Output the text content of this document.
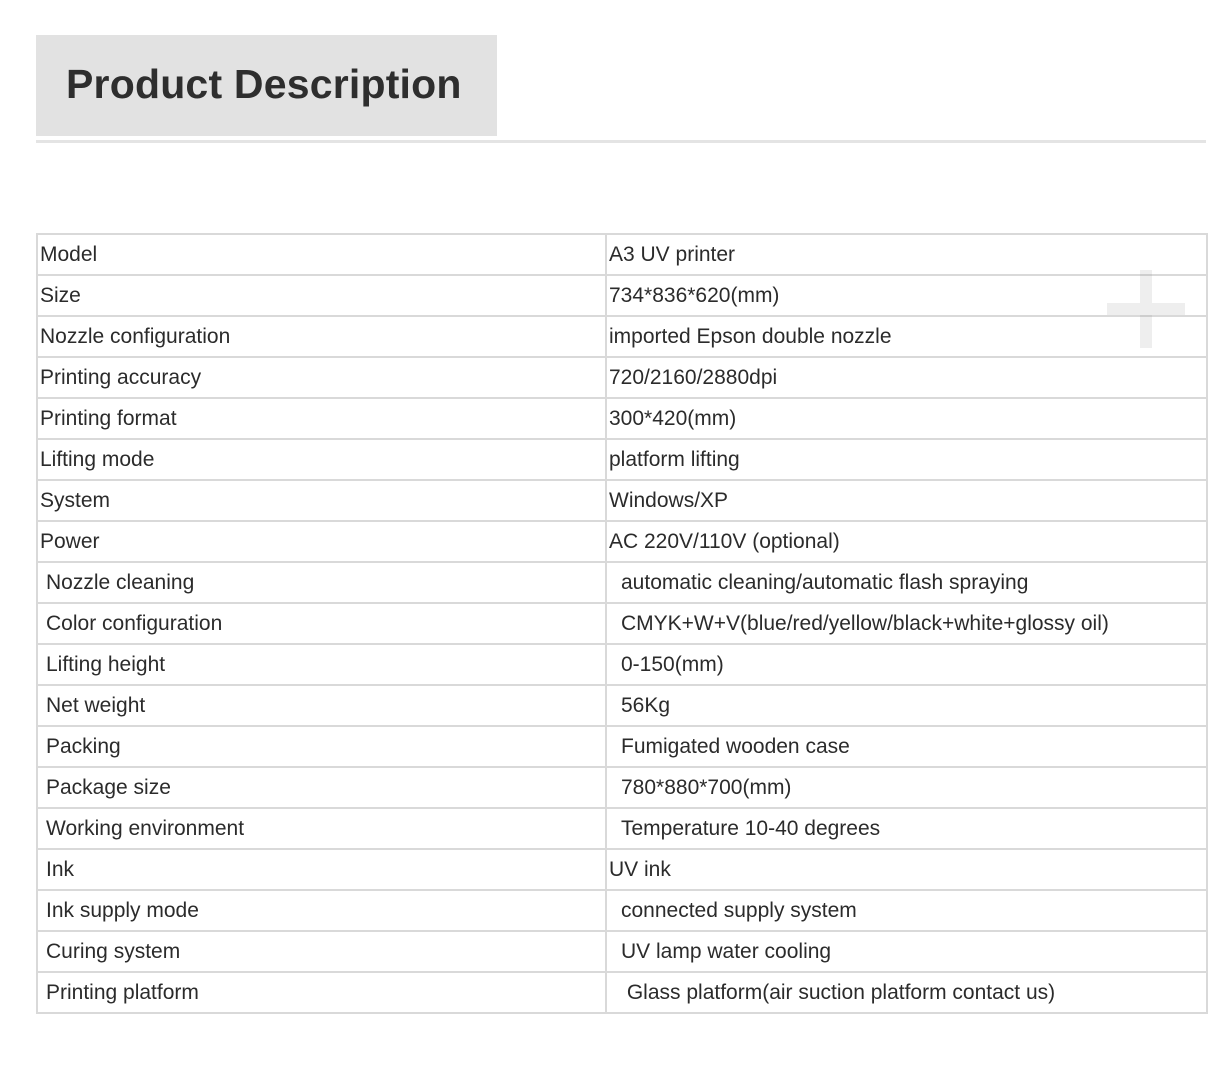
Product Description
Model	A3 UV printer
Size	734*836*620(mm)
Nozzle configuration	imported Epson double nozzle
Printing accuracy	720/2160/2880dpi
Printing format	300*420(mm)
Lifting mode	platform lifting
System	Windows/XP
Power	AC 220V/110V (optional)
Nozzle cleaning	automatic cleaning/automatic flash spraying
Color configuration	CMYK+W+V(blue/red/yellow/black+white+glossy oil)
Lifting height	0-150(mm)
Net weight	56Kg
Packing	Fumigated wooden case
Package size	780*880*700(mm)
Working environment	Temperature 10-40 degrees
Ink	UV ink
Ink supply mode	connected supply system
Curing system	UV lamp water cooling
Printing platform	Glass platform(air suction platform contact us)
